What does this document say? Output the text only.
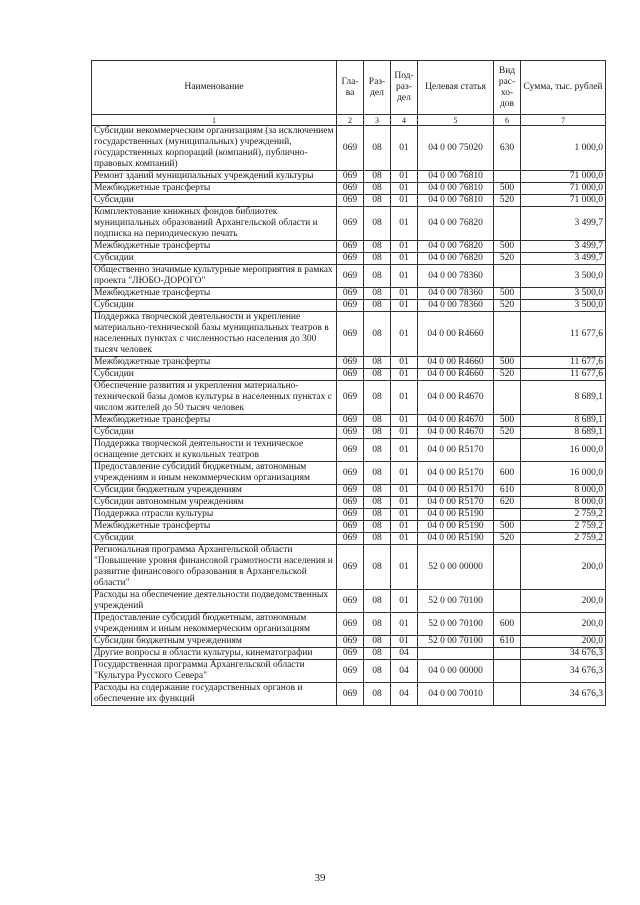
Наименование	Гла-ва	Раз-дел	Под-раз-дел	Целевая статья	Вид рас-хо-дов	Сумма, тыс. рублей
1	2	3	4	5	6	7
Субсидии некоммерческим организациям (за исключением государственных (муниципальных) учреждений, государственных корпораций (компаний), публично-правовых компаний)	069	08	01	04 0 00 75020	630	1 000,0
Ремонт зданий муниципальных учреждений культуры	069	08	01	04 0 00 76810		71 000,0
Межбюджетные трансферты	069	08	01	04 0 00 76810	500	71 000,0
Субсидии	069	08	01	04 0 00 76810	520	71 000,0
Комплектование книжных фондов библиотек муниципальных образований Архангельской области и подписка на периодическую печать	069	08	01	04 0 00 76820		3 499,7
Межбюджетные трансферты	069	08	01	04 0 00 76820	500	3 499,7
Субсидии	069	08	01	04 0 00 76820	520	3 499,7
Общественно значимые культурные мероприятия в рамках проекта "ЛЮБО-ДОРОГО"	069	08	01	04 0 00 78360		3 500,0
Межбюджетные трансферты	069	08	01	04 0 00 78360	500	3 500,0
Субсидии	069	08	01	04 0 00 78360	520	3 500,0
Поддержка творческой деятельности и укрепление материально-технической базы муниципальных театров в населенных пунктах с численностью населения до 300 тысяч человек	069	08	01	04 0 00 R4660		11 677,6
Межбюджетные трансферты	069	08	01	04 0 00 R4660	500	11 677,6
Субсидии	069	08	01	04 0 00 R4660	520	11 677,6
Обеспечение развития и укрепления материально-технической базы домов культуры в населенных пунктах с числом жителей до 50 тысяч человек	069	08	01	04 0 00 R4670		8 689,1
Межбюджетные трансферты	069	08	01	04 0 00 R4670	500	8 689,1
Субсидии	069	08	01	04 0 00 R4670	520	8 689,1
Поддержка творческой деятельности и техническое оснащение детских и кукольных театров	069	08	01	04 0 00 R5170		16 000,0
Предоставление субсидий бюджетным, автономным учреждениям и иным некоммерческим организациям	069	08	01	04 0 00 R5170	600	16 000,0
Субсидии бюджетным учреждениям	069	08	01	04 0 00 R5170	610	8 000,0
Субсидии автономным учреждениям	069	08	01	04 0 00 R5170	620	8 000,0
Поддержка отрасли культуры	069	08	01	04 0 00 R5190		2 759,2
Межбюджетные трансферты	069	08	01	04 0 00 R5190	500	2 759,2
Субсидии	069	08	01	04 0 00 R5190	520	2 759,2
Региональная программа Архангельской области "Повышение уровня финансовой грамотности населения и развитие финансового образования в Архангельской области"	069	08	01	52 0 00 00000		200,0
Расходы на обеспечение деятельности подведомственных учреждений	069	08	01	52 0 00 70100		200,0
Предоставление субсидий бюджетным, автономным учреждениям и иным некоммерческим организациям	069	08	01	52 0 00 70100	600	200,0
Субсидии бюджетным учреждениям	069	08	01	52 0 00 70100	610	200,0
Другие вопросы в области культуры, кинематографии	069	08	04			34 676,3
Государственная программа Архангельской области "Культура Русского Севера"	069	08	04	04 0 00 00000		34 676,3
Расходы на содержание государственных органов и обеспечение их функций	069	08	04	04 0 00 70010		34 676,3
39
